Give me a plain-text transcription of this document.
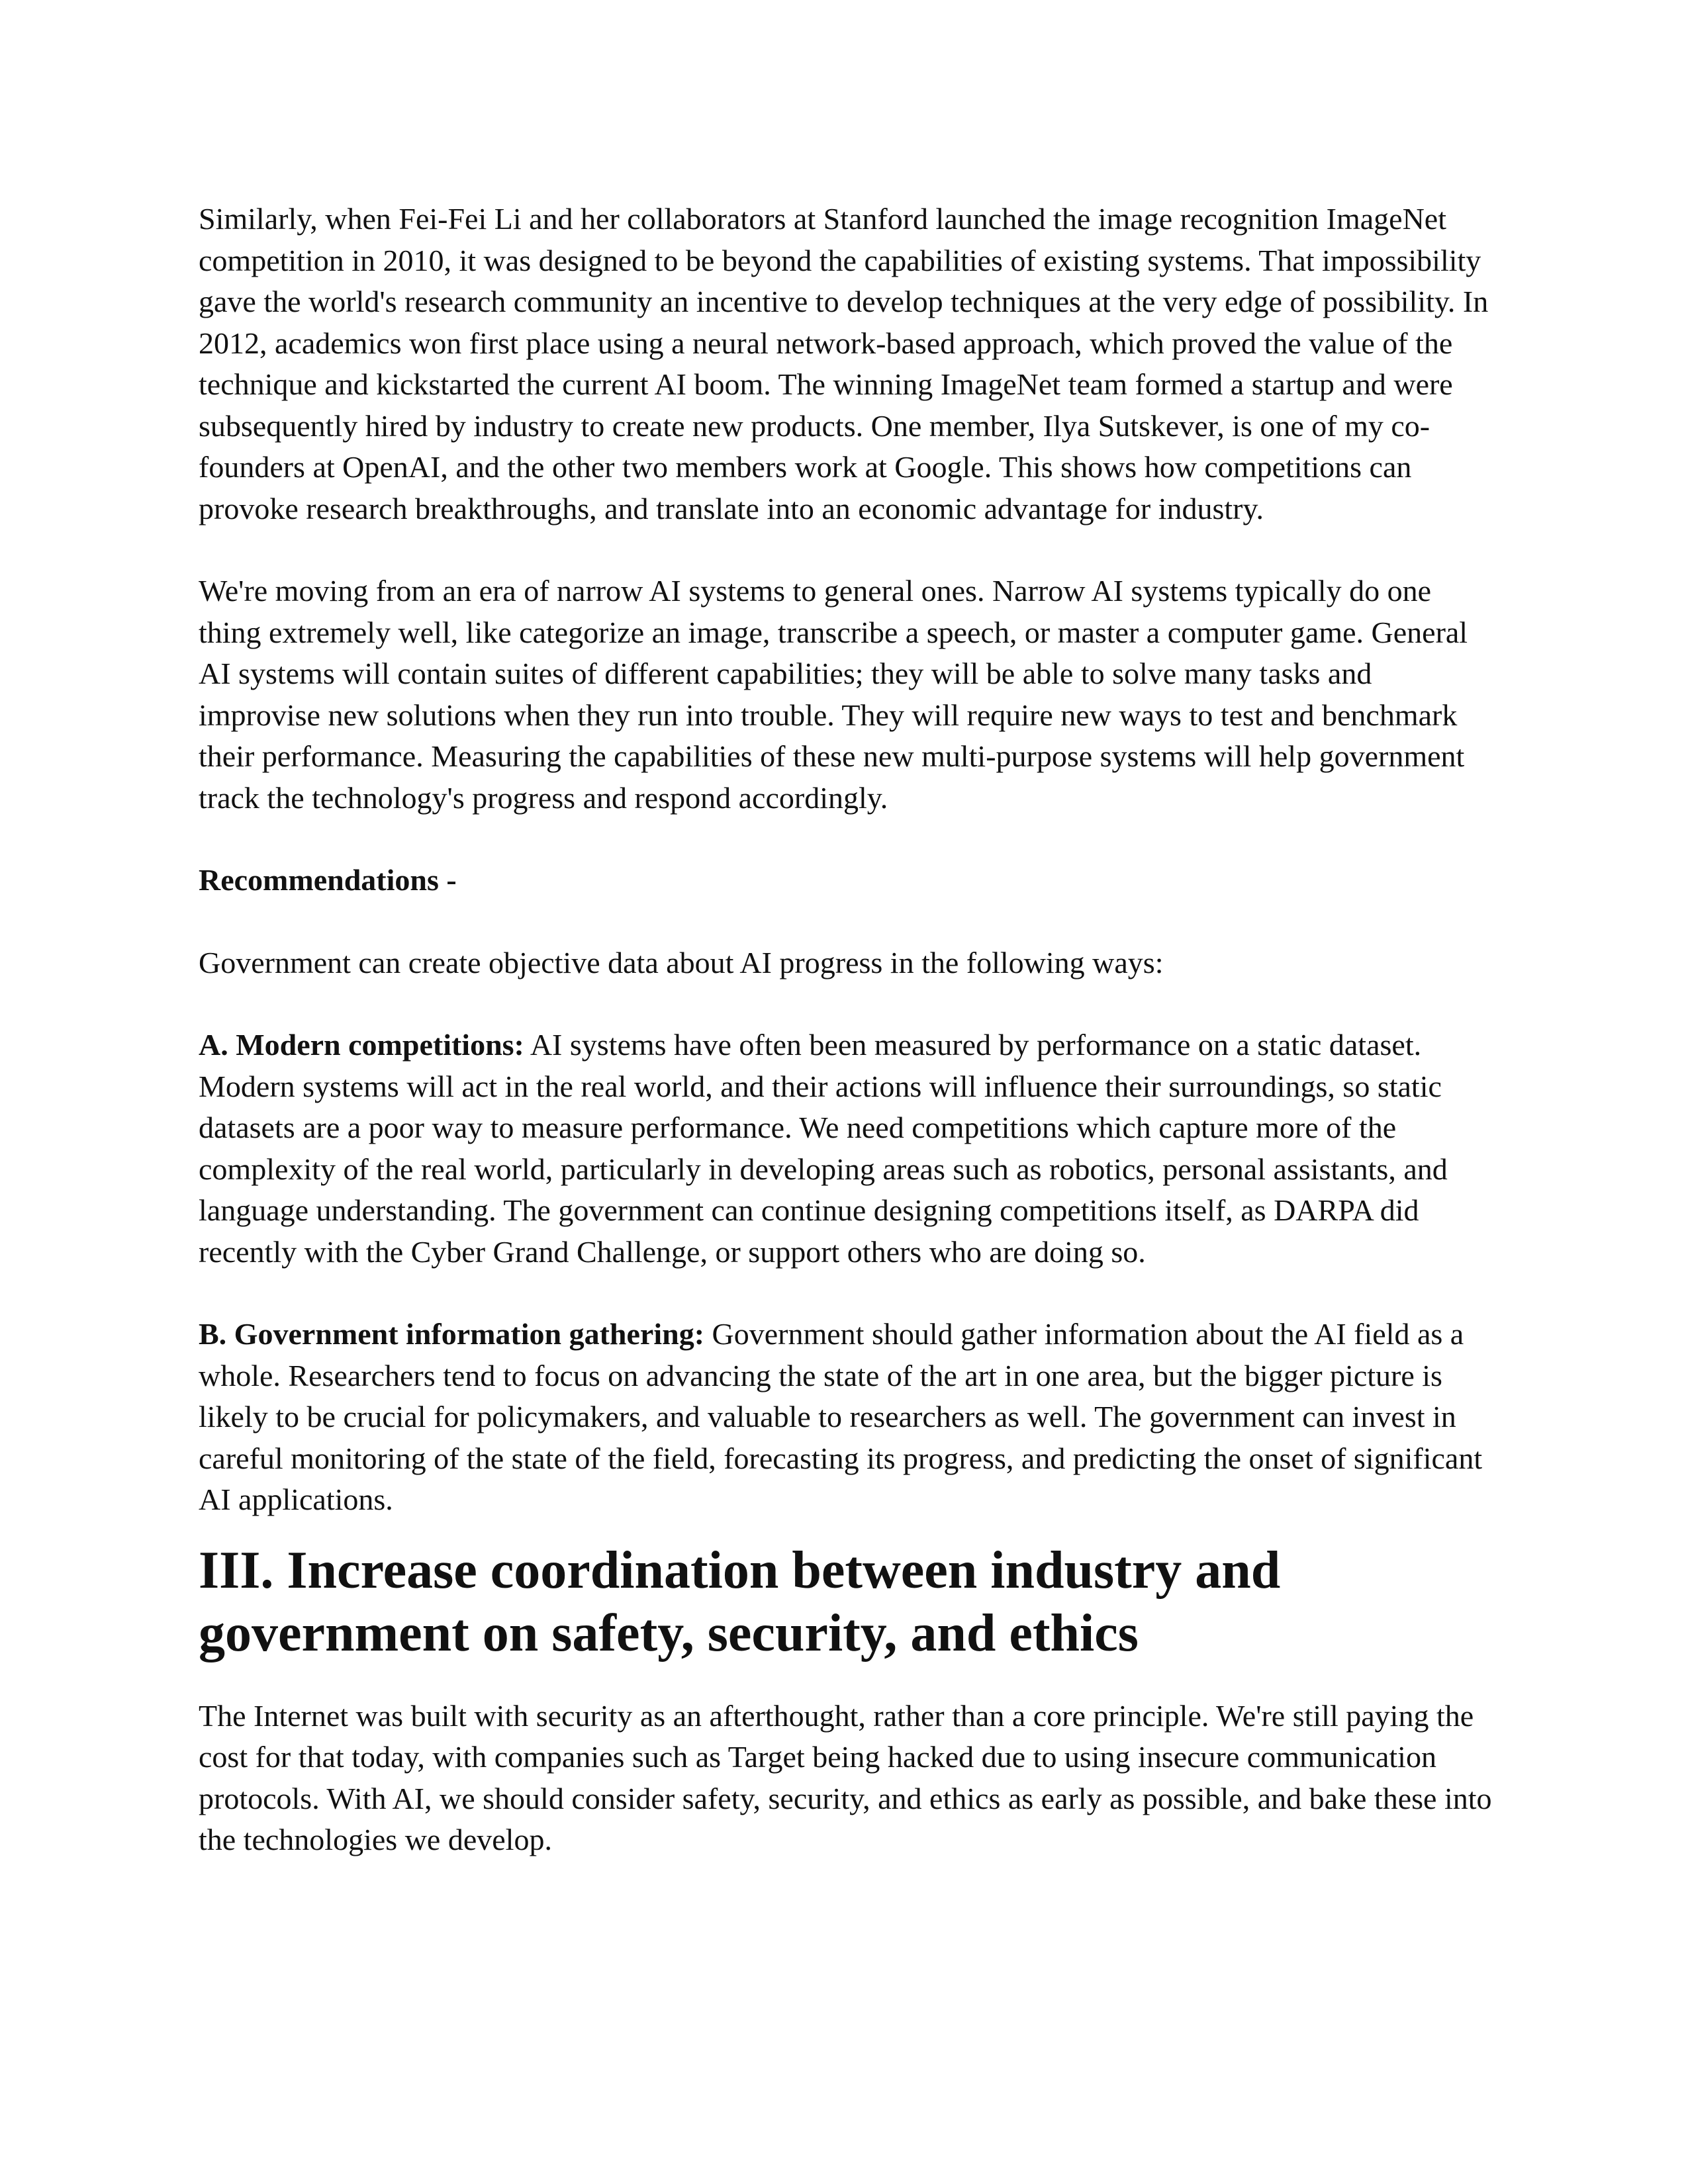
Similarly, when Fei-Fei Li and her collaborators at Stanford launched the image recognition ImageNet competition in 2010, it was designed to be beyond the capabilities of existing systems. That impossibility gave the world's research community an incentive to develop techniques at the very edge of possibility. In 2012, academics won first place using a neural network-based approach, which proved the value of the technique and kickstarted the current AI boom. The winning ImageNet team formed a startup and were subsequently hired by industry to create new products. One member, Ilya Sutskever, is one of my co-founders at OpenAI, and the other two members work at Google. This shows how competitions can provoke research breakthroughs, and translate into an economic advantage for industry.

We're moving from an era of narrow AI systems to general ones. Narrow AI systems typically do one thing extremely well, like categorize an image, transcribe a speech, or master a computer game. General AI systems will contain suites of different capabilities; they will be able to solve many tasks and improvise new solutions when they run into trouble. They will require new ways to test and benchmark their performance. Measuring the capabilities of these new multi-purpose systems will help government track the technology's progress and respond accordingly.

Recommendations -

Government can create objective data about AI progress in the following ways:

A. Modern competitions: AI systems have often been measured by performance on a static dataset. Modern systems will act in the real world, and their actions will influence their surroundings, so static datasets are a poor way to measure performance. We need competitions which capture more of the complexity of the real world, particularly in developing areas such as robotics, personal assistants, and language understanding. The government can continue designing competitions itself, as DARPA did recently with the Cyber Grand Challenge, or support others who are doing so.

B. Government information gathering: Government should gather information about the AI field as a whole. Researchers tend to focus on advancing the state of the art in one area, but the bigger picture is likely to be crucial for policymakers, and valuable to researchers as well. The government can invest in careful monitoring of the state of the field, forecasting its progress, and predicting the onset of significant AI applications.

III. Increase coordination between industry and government on safety, security, and ethics

The Internet was built with security as an afterthought, rather than a core principle. We're still paying the cost for that today, with companies such as Target being hacked due to using insecure communication protocols. With AI, we should consider safety, security, and ethics as early as possible, and bake these into the technologies we develop.
